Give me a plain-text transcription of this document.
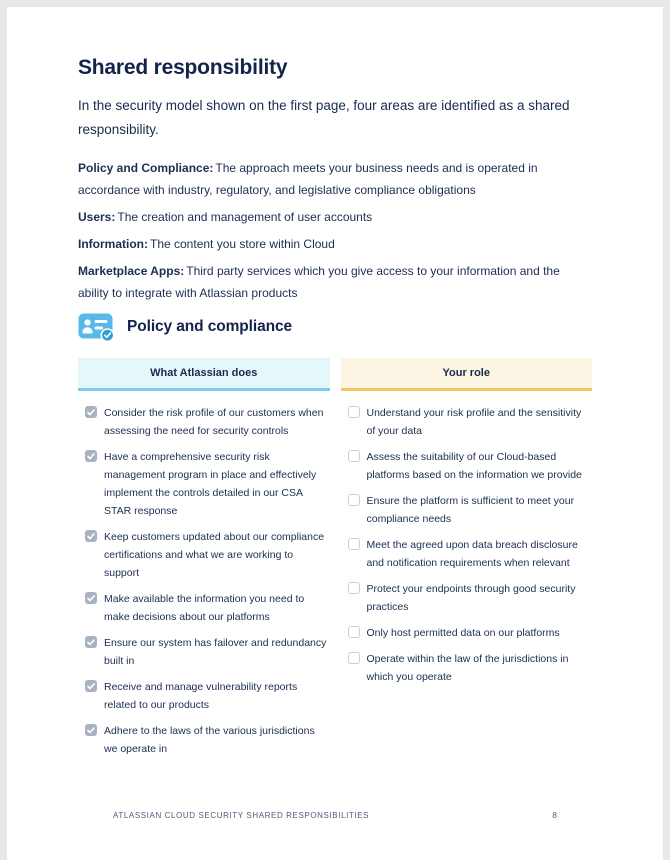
Shared responsibility

In the security model shown on the first page, four areas are identified as a shared responsibility.

Policy and Compliance: The approach meets your business needs and is operated in accordance with industry, regulatory, and legislative compliance obligations

Users: The creation and management of user accounts

Information: The content you store within Cloud

Marketplace Apps: Third party services which you give access to your information and the ability to integrate with Atlassian products

Policy and compliance
What Atlassian does
Consider the risk profile of our customers when assessing the need for security controls
Have a comprehensive security risk management program in place and effectively implement the controls detailed in our CSA STAR response
Keep customers updated about our compliance certifications and what we are working to support
Make available the information you need to make decisions about our platforms
Ensure our system has failover and redundancy built in
Receive and manage vulnerability reports related to our products
Adhere to the laws of the various jurisdictions we operate in
Your role
Understand your risk profile and the sensitivity of your data
Assess the suitability of our Cloud-based platforms based on the information we provide
Ensure the platform is sufficient to meet your compliance needs
Meet the agreed upon data breach disclosure and notification requirements when relevant
Protect your endpoints through good security practices
Only host permitted data on our platforms
Operate within the law of the jurisdictions in which you operate
ATLASSIAN CLOUD SECURITY SHARED RESPONSIBILITIES	8
